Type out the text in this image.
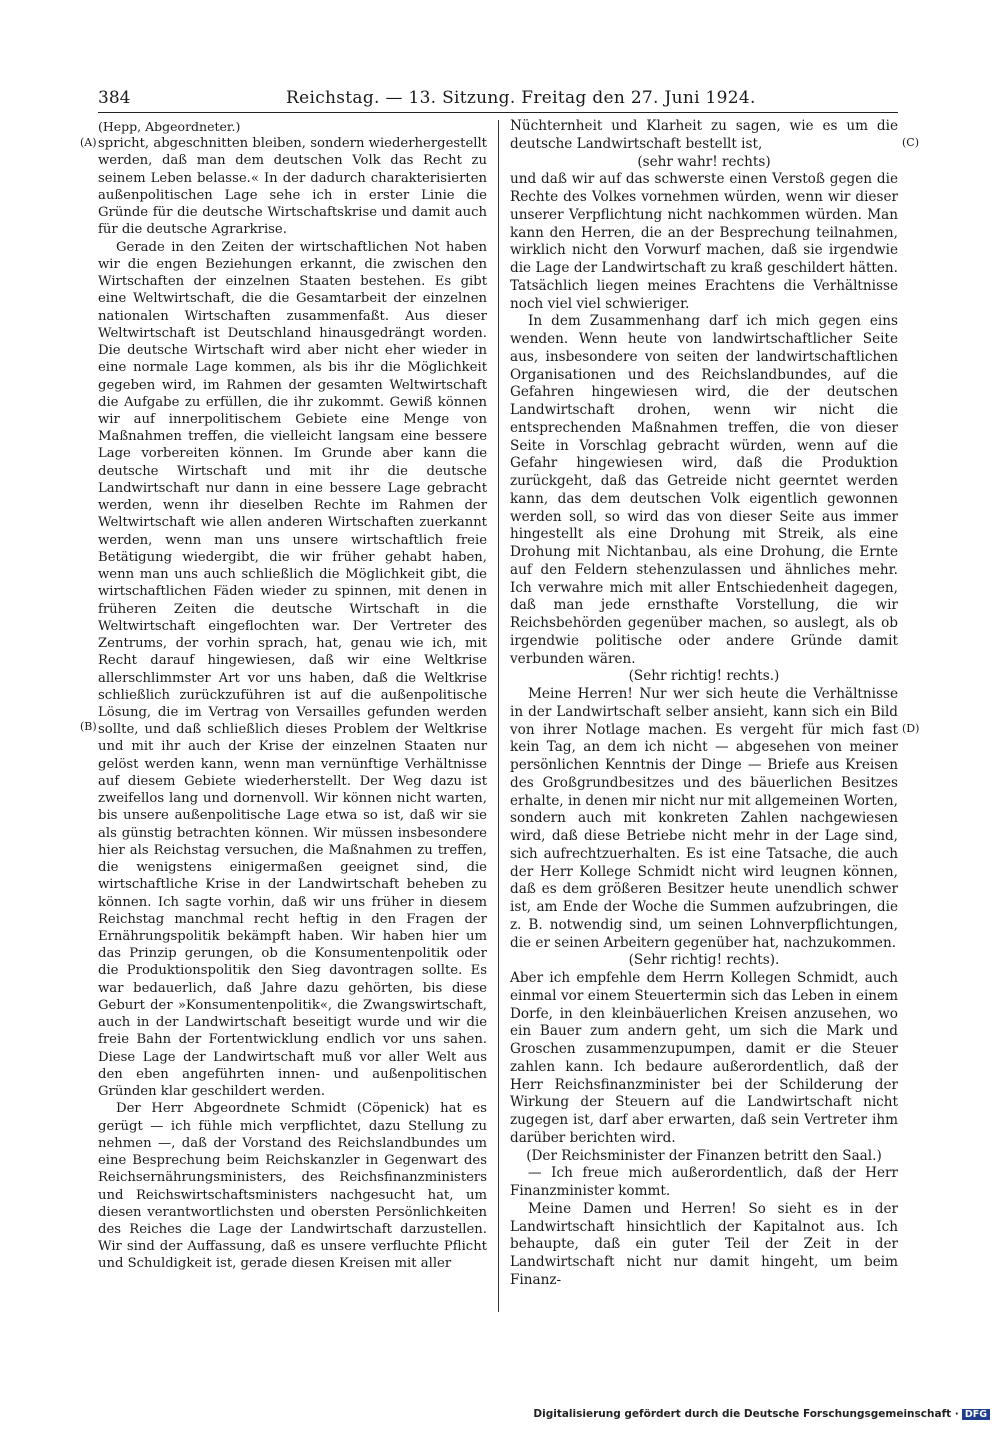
384	Reichstag. — 13. Sitzung. Freitag den 27. Juni 1924.
(A)
(B)
(C)
(D)

(Hepp, Abgeordneter.)

spricht, abgeschnitten bleiben, sondern wiederhergestellt werden, daß man dem deutschen Volk das Recht zu seinem Leben belasse.« In der dadurch charakterisierten außenpolitischen Lage sehe ich in erster Linie die Gründe für die deutsche Wirtschaftskrise und damit auch für die deutsche Agrarkrise.

Gerade in den Zeiten der wirtschaftlichen Not haben wir die engen Beziehungen erkannt, die zwischen den Wirtschaften der einzelnen Staaten bestehen. Es gibt eine Weltwirtschaft, die die Gesamtarbeit der einzelnen nationalen Wirtschaften zusammenfaßt. Aus dieser Weltwirtschaft ist Deutschland hinausgedrängt worden. Die deutsche Wirtschaft wird aber nicht eher wieder in eine normale Lage kommen, als bis ihr die Möglichkeit gegeben wird, im Rahmen der gesamten Weltwirtschaft die Aufgabe zu erfüllen, die ihr zukommt. Gewiß können wir auf innerpolitischem Gebiete eine Menge von Maßnahmen treffen, die vielleicht langsam eine bessere Lage vorbereiten können. Im Grunde aber kann die deutsche Wirtschaft und mit ihr die deutsche Landwirtschaft nur dann in eine bessere Lage gebracht werden, wenn ihr dieselben Rechte im Rahmen der Weltwirtschaft wie allen anderen Wirtschaften zuerkannt werden, wenn man uns unsere wirtschaftlich freie Betätigung wiedergibt, die wir früher gehabt haben, wenn man uns auch schließlich die Möglichkeit gibt, die wirtschaftlichen Fäden wieder zu spinnen, mit denen in früheren Zeiten die deutsche Wirtschaft in die Weltwirtschaft eingeflochten war. Der Vertreter des Zentrums, der vorhin sprach, hat, genau wie ich, mit Recht darauf hingewiesen, daß wir eine Weltkrise allerschlimmster Art vor uns haben, daß die Weltkrise schließlich zurückzuführen ist auf die außenpolitische Lösung, die im Vertrag von Versailles gefunden werden sollte, und daß schließlich dieses Problem der Weltkrise und mit ihr auch der Krise der einzelnen Staaten nur gelöst werden kann, wenn man vernünftige Verhältnisse auf diesem Gebiete wiederherstellt. Der Weg dazu ist zweifellos lang und dornenvoll. Wir können nicht warten, bis unsere außenpolitische Lage etwa so ist, daß wir sie als günstig betrachten können. Wir müssen insbesondere hier als Reichstag versuchen, die Maßnahmen zu treffen, die wenigstens einigermaßen geeignet sind, die wirtschaftliche Krise in der Landwirtschaft beheben zu können. Ich sagte vorhin, daß wir uns früher in diesem Reichstag manchmal recht heftig in den Fragen der Ernährungspolitik bekämpft haben. Wir haben hier um das Prinzip gerungen, ob die Konsumentenpolitik oder die Produktionspolitik den Sieg davontragen sollte. Es war bedauerlich, daß Jahre dazu gehörten, bis diese Geburt der »Konsumentenpolitik«, die Zwangswirtschaft, auch in der Landwirtschaft beseitigt wurde und wir die freie Bahn der Fortentwicklung endlich vor uns sahen. Diese Lage der Landwirtschaft muß vor aller Welt aus den eben angeführten innen- und außenpolitischen Gründen klar geschildert werden.

Der Herr Abgeordnete Schmidt (Cöpenick) hat es gerügt — ich fühle mich verpflichtet, dazu Stellung zu nehmen —, daß der Vorstand des Reichslandbundes um eine Besprechung beim Reichskanzler in Gegenwart des Reichsernährungsministers, des Reichsfinanzministers und Reichswirtschaftsministers nachgesucht hat, um diesen verantwortlichsten und obersten Persönlichkeiten des Reiches die Lage der Landwirtschaft darzustellen. Wir sind der Auffassung, daß es unsere verfluchte Pflicht und Schuldigkeit ist, gerade diesen Kreisen mit aller

Nüchternheit und Klarheit zu sagen, wie es um die deutsche Landwirtschaft bestellt ist,

(sehr wahr! rechts)

und daß wir auf das schwerste einen Verstoß gegen die Rechte des Volkes vornehmen würden, wenn wir dieser unserer Verpflichtung nicht nachkommen würden. Man kann den Herren, die an der Besprechung teilnahmen, wirklich nicht den Vorwurf machen, daß sie irgendwie die Lage der Landwirtschaft zu kraß geschildert hätten. Tatsächlich liegen meines Erachtens die Verhältnisse noch viel viel schwieriger.

In dem Zusammenhang darf ich mich gegen eins wenden. Wenn heute von landwirtschaftlicher Seite aus, insbesondere von seiten der landwirtschaftlichen Organisationen und des Reichslandbundes, auf die Gefahren hingewiesen wird, die der deutschen Landwirtschaft drohen, wenn wir nicht die entsprechenden Maßnahmen treffen, die von dieser Seite in Vorschlag gebracht würden, wenn auf die Gefahr hingewiesen wird, daß die Produktion zurückgeht, daß das Getreide nicht geerntet werden kann, das dem deutschen Volk eigentlich gewonnen werden soll, so wird das von dieser Seite aus immer hingestellt als eine Drohung mit Streik, als eine Drohung mit Nichtanbau, als eine Drohung, die Ernte auf den Feldern stehenzulassen und ähnliches mehr. Ich verwahre mich mit aller Entschiedenheit dagegen, daß man jede ernsthafte Vorstellung, die wir Reichsbehörden gegenüber machen, so auslegt, als ob irgendwie politische oder andere Gründe damit verbunden wären.

(Sehr richtig! rechts.)

Meine Herren! Nur wer sich heute die Verhältnisse in der Landwirtschaft selber ansieht, kann sich ein Bild von ihrer Notlage machen. Es vergeht für mich fast kein Tag, an dem ich nicht — abgesehen von meiner persönlichen Kenntnis der Dinge — Briefe aus Kreisen des Großgrundbesitzes und des bäuerlichen Besitzes erhalte, in denen mir nicht nur mit allgemeinen Worten, sondern auch mit konkreten Zahlen nachgewiesen wird, daß diese Betriebe nicht mehr in der Lage sind, sich aufrechtzuerhalten. Es ist eine Tatsache, die auch der Herr Kollege Schmidt nicht wird leugnen können, daß es dem größeren Besitzer heute unendlich schwer ist, am Ende der Woche die Summen aufzubringen, die z. B. notwendig sind, um seinen Lohnverpflichtungen, die er seinen Arbeitern gegenüber hat, nachzukommen.

(Sehr richtig! rechts).

Aber ich empfehle dem Herrn Kollegen Schmidt, auch einmal vor einem Steuertermin sich das Leben in einem Dorfe, in den kleinbäuerlichen Kreisen anzusehen, wo ein Bauer zum andern geht, um sich die Mark und Groschen zusammenzupumpen, damit er die Steuer zahlen kann. Ich bedaure außerordentlich, daß der Herr Reichsfinanzminister bei der Schilderung der Wirkung der Steuern auf die Landwirtschaft nicht zugegen ist, darf aber erwarten, daß sein Vertreter ihm darüber berichten wird.

(Der Reichsminister der Finanzen betritt den Saal.)

— Ich freue mich außerordentlich, daß der Herr Finanzminister kommt.

Meine Damen und Herren! So sieht es in der Landwirtschaft hinsichtlich der Kapitalnot aus. Ich behaupte, daß ein guter Teil der Zeit in der Landwirtschaft nicht nur damit hingeht, um beim Finanz-

Digitalisierung gefördert durch die Deutsche Forschungsgemeinschaft · DFG
